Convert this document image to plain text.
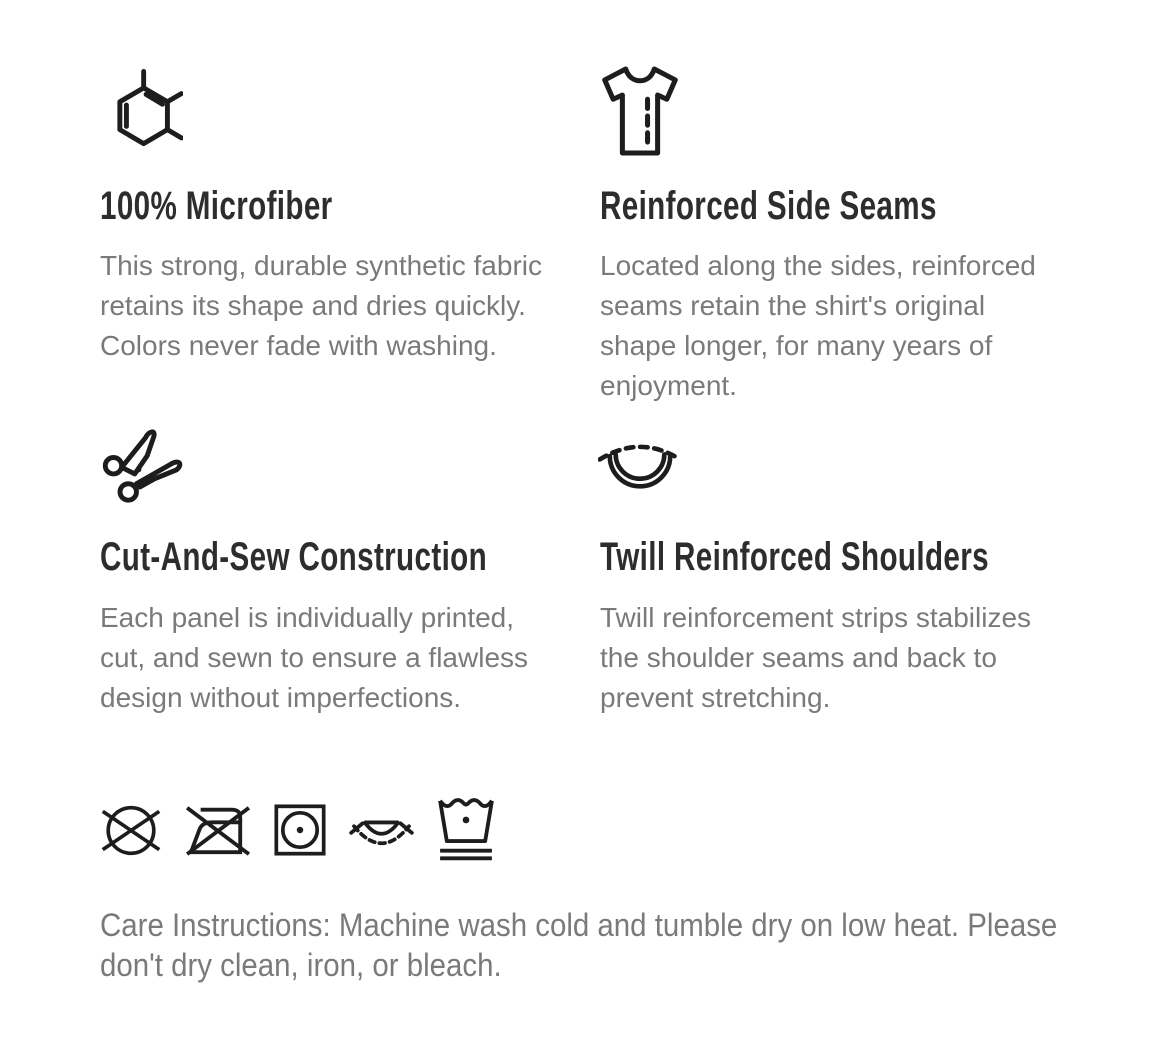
100% Microfiber
This strong, durable synthetic fabric retains its shape and dries quickly. Colors never fade with washing.
Reinforced Side Seams
Located along the sides, reinforced seams retain the shirt's original shape longer, for many years of enjoyment.
Cut-And-Sew Construction
Each panel is individually printed, cut, and sewn to ensure a flawless design without imperfections.
Twill Reinforced Shoulders
Twill reinforcement strips stabilizes the shoulder seams and back to prevent stretching.
Care Instructions: Machine wash cold and tumble dry on low heat. Please don't dry clean, iron, or bleach.
